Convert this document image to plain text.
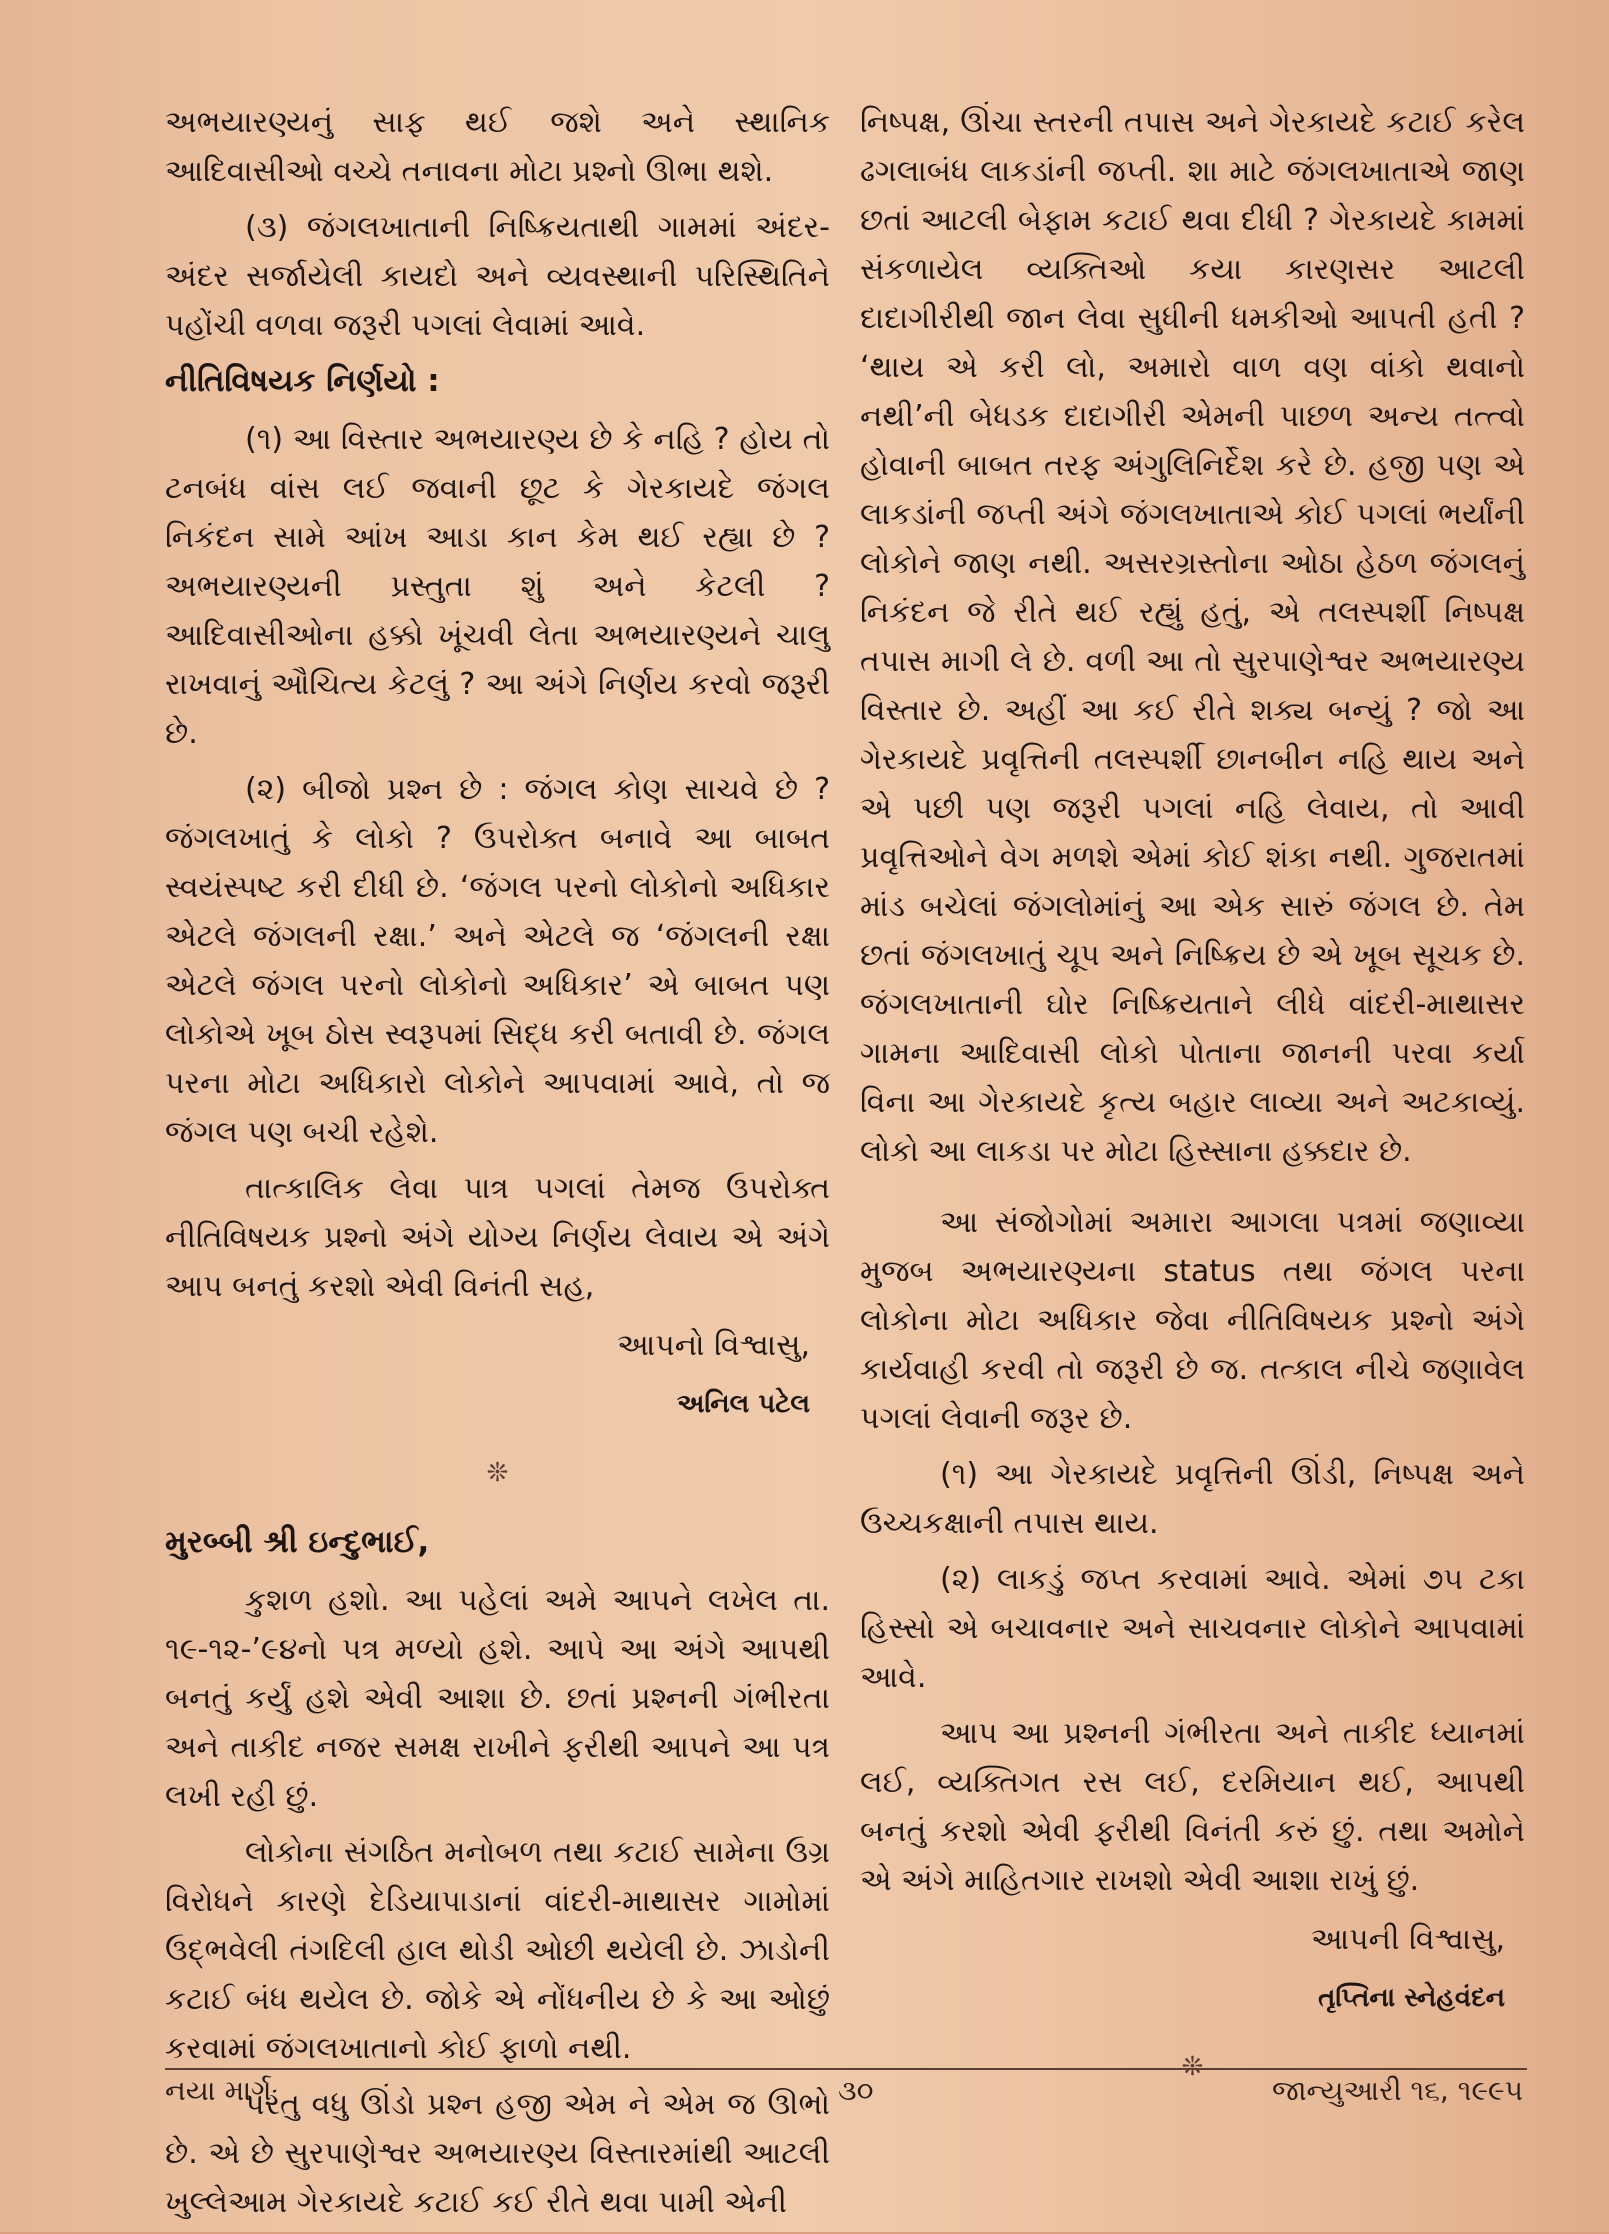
અભયારણ્યનું સાફ થઈ જશે અને સ્થાનિક આદિવાસીઓ વચ્ચે તનાવના મોટા પ્રશ્નો ઊભા થશે.

(૩) જંગલખાતાની નિષ્ક્રિયતાથી ગામમાં અંદર-અંદર સર્જાયેલી કાયદો અને વ્યવસ્થાની પરિસ્થિતિને પહોંચી વળવા જરૂરી પગલાં લેવામાં આવે.

નીતિવિષયક નિર્ણયો :

(૧) આ વિસ્તાર અભયારણ્ય છે કે નહિ ? હોય તો ટનબંધ વાંસ લઈ જવાની છૂટ કે ગેરકાયદે જંગલ નિકંદન સામે આંખ આડા કાન કેમ થઈ રહ્યા છે ? અભયારણ્યની પ્રસ્તુતા શું અને કેટલી ? આદિવાસીઓના હક્કો ખૂંચવી લેતા અભયારણ્યને ચાલુ રાખવાનું ઔચિત્ય કેટલું ? આ અંગે નિર્ણય કરવો જરૂરી છે.

(૨) બીજો પ્રશ્ન છે : જંગલ કોણ સાચવે છે ? જંગલખાતું કે લોકો ? ઉપરોક્ત બનાવે આ બાબત સ્વયંસ્પષ્ટ કરી દીધી છે. ‘જંગલ પરનો લોકોનો અધિકાર એટલે જંગલની રક્ષા.’ અને એટલે જ ‘જંગલની રક્ષા એટલે જંગલ પરનો લોકોનો અધિકાર’ એ બાબત પણ લોકોએ ખૂબ ઠોસ સ્વરૂપમાં સિદ્ધ કરી બતાવી છે. જંગલ પરના મોટા અધિકારો લોકોને આપવામાં આવે, તો જ જંગલ પણ બચી રહેશે.

તાત્કાલિક લેવા પાત્ર પગલાં તેમજ ઉપરોક્ત નીતિવિષયક પ્રશ્નો અંગે યોગ્ય નિર્ણય લેવાય એ અંગે આપ બનતું કરશો એવી વિનંતી સહ,

આપનો વિશ્વાસુ,
અનિલ પટેલ
❊
મુરબ્બી શ્રી ઇન્દુભાઈ,

કુશળ હશો. આ પહેલાં અમે આપને લખેલ તા. ૧૯-૧૨-’૯૪નો પત્ર મળ્યો હશે. આપે આ અંગે આપથી બનતું કર્યું હશે એવી આશા છે. છતાં પ્રશ્નની ગંભીરતા અને તાકીદ નજર સમક્ષ રાખીને ફરીથી આપને આ પત્ર લખી રહી છું.

લોકોના સંગઠિત મનોબળ તથા કટાઈ સામેના ઉગ્ર વિરોધને કારણે દેડિયાપાડાનાં વાંદરી-માથાસર ગામોમાં ઉદ્‌ભવેલી તંગદિલી હાલ થોડી ઓછી થયેલી છે. ઝાડોની કટાઈ બંધ થયેલ છે. જોકે એ નોંધનીય છે કે આ ઓછું કરવામાં જંગલખાતાનો કોઈ ફાળો નથી.

પરંતુ વધુ ઊંડો પ્રશ્ન હજી એમ ને એમ જ ઊભો છે. એ છે સુરપાણેશ્વર અભયારણ્ય વિસ્તારમાંથી આટલી ખુલ્લેઆમ ગેરકાયદે કટાઈ કઈ રીતે થવા પામી એની

નિષ્પક્ષ, ઊંચા સ્તરની તપાસ અને ગેરકાયદે કટાઈ કરેલ ઢગલાબંધ લાકડાંની જપ્તી. શા માટે જંગલખાતાએ જાણ છતાં આટલી બેફામ કટાઈ થવા દીધી ? ગેરકાયદે કામમાં સંકળાયેલ વ્યક્તિઓ કયા કારણસર આટલી દાદાગીરીથી જાન લેવા સુધીની ધમકીઓ આપતી હતી ? ‘થાય એ કરી લો, અમારો વાળ વણ વાંકો થવાનો નથી’ની બેધડક દાદાગીરી એમની પાછળ અન્ય તત્ત્વો હોવાની બાબત તરફ અંગુલિનિર્દેશ કરે છે. હજી પણ એ લાકડાંની જપ્તી અંગે જંગલખાતાએ કોઈ પગલાં ભર્યાંની લોકોને જાણ નથી. અસરગ્રસ્તોના ઓઠા હેઠળ જંગલનું નિકંદન જે રીતે થઈ રહ્યું હતું, એ તલસ્પર્શી નિષ્પક્ષ તપાસ માગી લે છે. વળી આ તો સુરપાણેશ્વર અભયારણ્ય વિસ્તાર છે. અહીં આ કઈ રીતે શક્ય બન્યું ? જો આ ગેરકાયદે પ્રવૃત્તિની તલસ્પર્શી છાનબીન નહિ થાય અને એ પછી પણ જરૂરી પગલાં નહિ લેવાય, તો આવી પ્રવૃત્તિઓને વેગ મળશે એમાં કોઈ શંકા નથી. ગુજરાતમાં માંડ બચેલાં જંગલોમાંનું આ એક સારું જંગલ છે. તેમ છતાં જંગલખાતું ચૂપ અને નિષ્ક્રિય છે એ ખૂબ સૂચક છે. જંગલખાતાની ઘોર નિષ્ક્રિયતાને લીધે વાંદરી-માથાસર ગામના આદિવાસી લોકો પોતાના જાનની પરવા કર્યા વિના આ ગેરકાયદે કૃત્ય બહાર લાવ્યા અને અટકાવ્યું. લોકો આ લાકડા પર મોટા હિસ્સાના હક્કદાર છે.

આ સંજોગોમાં અમારા આગલા પત્રમાં જણાવ્યા મુજબ અભયારણ્યના status તથા જંગલ પરના લોકોના મોટા અધિકાર જેવા નીતિવિષયક પ્રશ્નો અંગે કાર્યવાહી કરવી તો જરૂરી છે જ. તત્કાલ નીચે જણાવેલ પગલાં લેવાની જરૂર છે.

(૧) આ ગેરકાયદે પ્રવૃત્તિની ઊંડી, નિષ્પક્ષ અને ઉચ્ચકક્ષાની તપાસ થાય.

(૨) લાકડું જપ્ત કરવામાં આવે. એમાં ૭૫ ટકા હિસ્સો એ બચાવનાર અને સાચવનાર લોકોને આપવામાં આવે.

આપ આ પ્રશ્નની ગંભીરતા અને તાકીદ ધ્યાનમાં લઈ, વ્યક્તિગત રસ લઈ, દરમિયાન થઈ, આપથી બનતું કરશો એવી ફરીથી વિનંતી કરું છું. તથા અમોને એ અંગે માહિતગાર રાખશો એવી આશા રાખું છું.

આપની વિશ્વાસુ,
તૃપ્તિના સ્નેહવંદન
❊
નયા માર્ગ	૩૦	જાન્યુઆરી ૧૬, ૧૯૯૫
